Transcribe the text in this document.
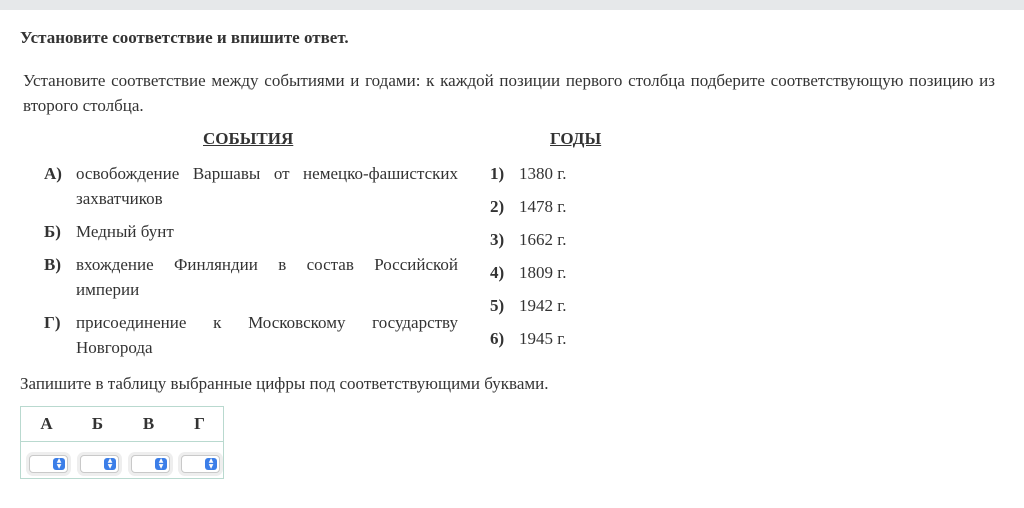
Установите соответствие и впишите ответ.
Установите соответствие между событиями и годами: к каждой позиции первого столбца подберите соответствующую позицию из второго столбца.
СОБЫТИЯ	ГОДЫ
А) освобождение Варшавы от немецко-фашистских захватчиков
Б) Медный бунт
В) вхождение Финляндии в состав Российской империи
Г) присоединение к Московскому государству Новгорода
1) 1380 г.
2) 1478 г.
3) 1662 г.
4) 1809 г.
5) 1942 г.
6) 1945 г.
Запишите в таблицу выбранные цифры под соответствующими буквами.
А	Б	В	Г
▲
▼
▲
▼
▲
▼
▲
▼
